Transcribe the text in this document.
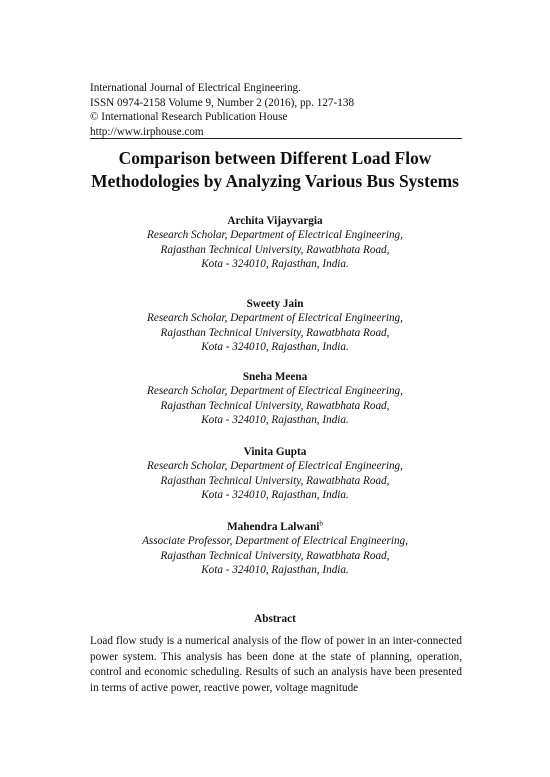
International Journal of Electrical Engineering.
ISSN 0974-2158 Volume 9, Number 2 (2016), pp. 127-138
© International Research Publication House
http://www.irphouse.com
Comparison between Different Load Flow
Methodologies by Analyzing Various Bus Systems
Archita Vijayvargia
Research Scholar, Department of Electrical Engineering,
Rajasthan Technical University, Rawatbhata Road,
Kota - 324010, Rajasthan, India.
Sweety Jain
Research Scholar, Department of Electrical Engineering,
Rajasthan Technical University, Rawatbhata Road,
Kota - 324010, Rajasthan, India.
Sneha Meena
Research Scholar, Department of Electrical Engineering,
Rajasthan Technical University, Rawatbhata Road,
Kota - 324010, Rajasthan, India.
Vinita Gupta
Research Scholar, Department of Electrical Engineering,
Rajasthan Technical University, Rawatbhata Road,
Kota - 324010, Rajasthan, India.
Mahendra Lalwani$^b$
Associate Professor, Department of Electrical Engineering,
Rajasthan Technical University, Rawatbhata Road,
Kota - 324010, Rajasthan, India.
Abstract
Load flow study is a numerical analysis of the flow of power in an inter-connected power system. This analysis has been done at the state of planning, operation, control and economic scheduling. Results of such an analysis have been presented in terms of active power, reactive power, voltage magnitude
